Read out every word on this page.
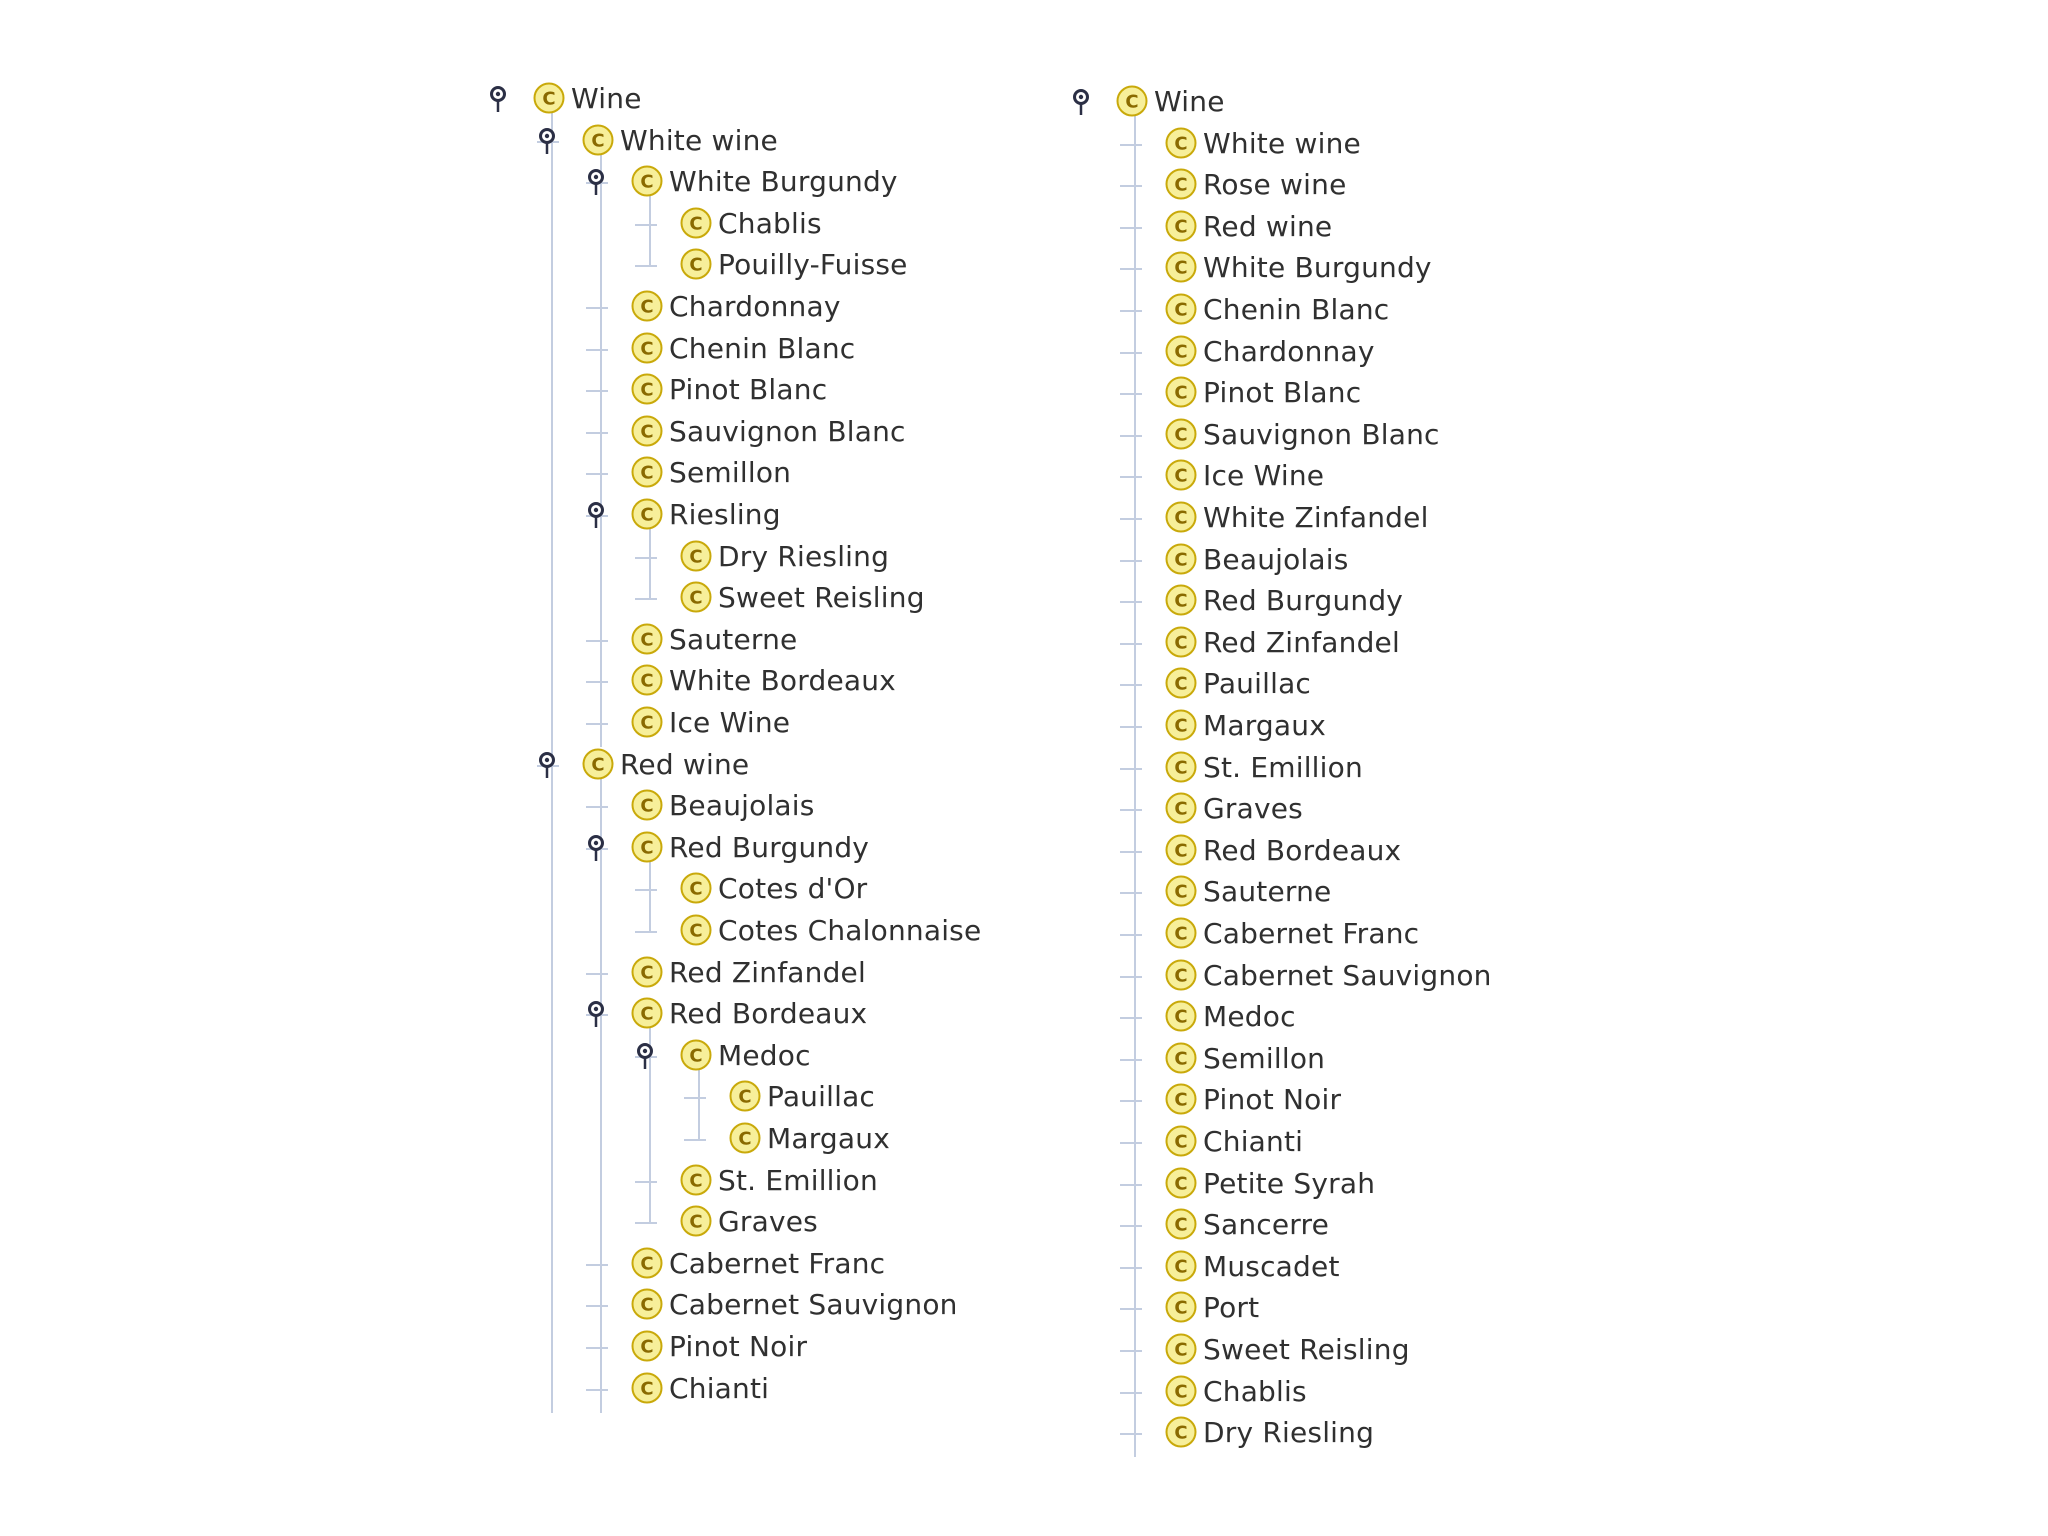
C Wine
C White wine
C White Burgundy
C Chablis
C Pouilly-Fuisse
C Chardonnay
C Chenin Blanc
C Pinot Blanc
C Sauvignon Blanc
C Semillon
C Riesling
C Dry Riesling
C Sweet Reisling
C Sauterne
C White Bordeaux
C Ice Wine
C Red wine
C Beaujolais
C Red Burgundy
C Cotes d'Or
C Cotes Chalonnaise
C Red Zinfandel
C Red Bordeaux
C Medoc
C Pauillac
C Margaux
C St. Emillion
C Graves
C Cabernet Franc
C Cabernet Sauvignon
C Pinot Noir
C Chianti
C Wine
C White wine
C Rose wine
C Red wine
C White Burgundy
C Chenin Blanc
C Chardonnay
C Pinot Blanc
C Sauvignon Blanc
C Ice Wine
C White Zinfandel
C Beaujolais
C Red Burgundy
C Red Zinfandel
C Pauillac
C Margaux
C St. Emillion
C Graves
C Red Bordeaux
C Sauterne
C Cabernet Franc
C Cabernet Sauvignon
C Medoc
C Semillon
C Pinot Noir
C Chianti
C Petite Syrah
C Sancerre
C Muscadet
C Port
C Sweet Reisling
C Chablis
C Dry Riesling
